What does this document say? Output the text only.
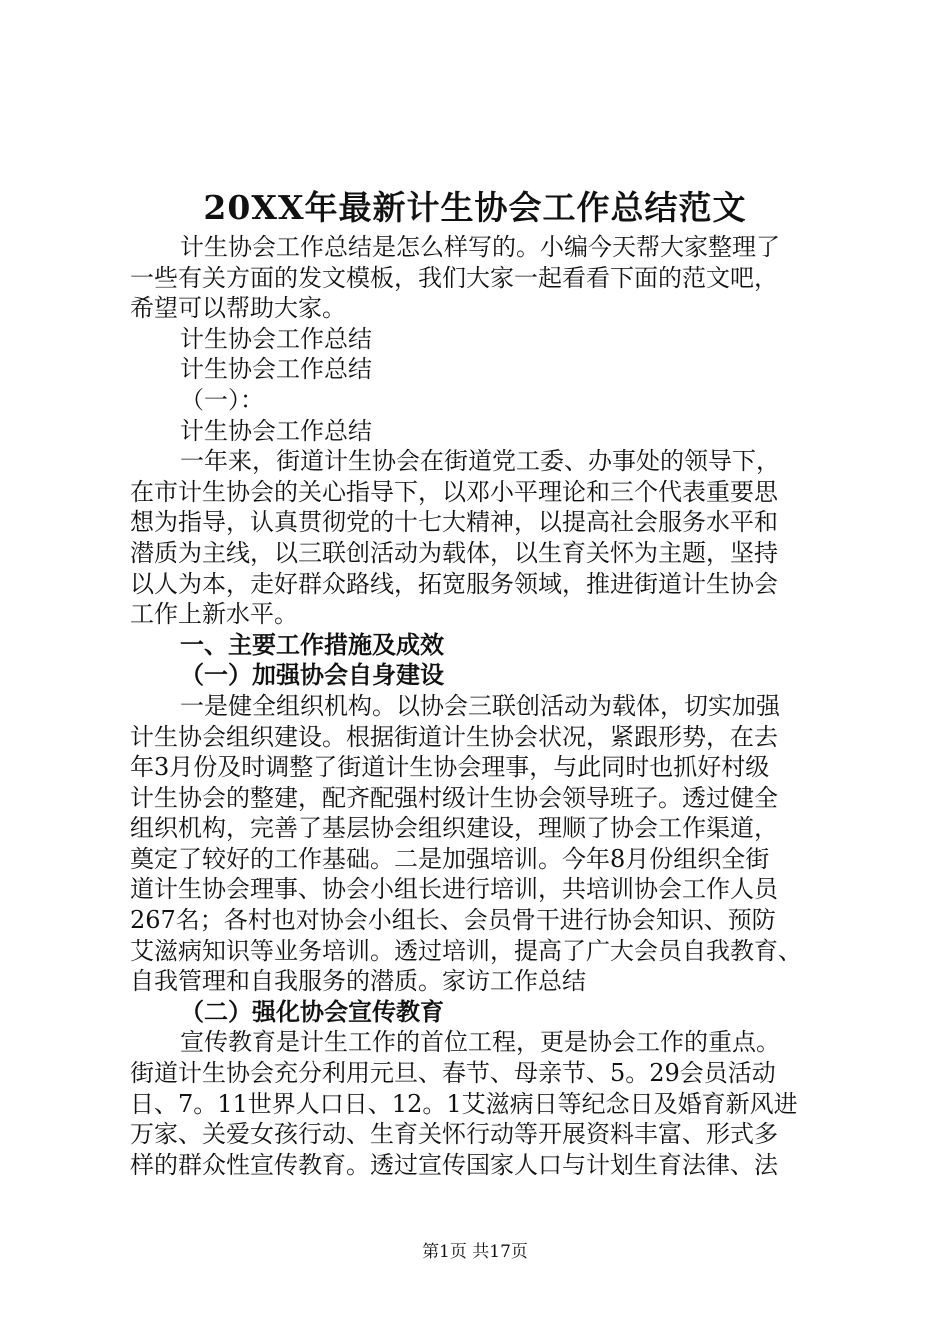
20XX年最新计生协会工作总结范文
计生协会工作总结是怎么样写的。小编今天帮大家整理了
一些有关方面的发文模板，我们大家一起看看下面的范文吧，
希望可以帮助大家。
计生协会工作总结
计生协会工作总结
（一）：
计生协会工作总结
一年来，街道计生协会在街道党工委、办事处的领导下，
在市计生协会的关心指导下，以邓小平理论和三个代表重要思
想为指导，认真贯彻党的十七大精神，以提高社会服务水平和
潜质为主线，以三联创活动为载体，以生育关怀为主题，坚持
以人为本，走好群众路线，拓宽服务领域，推进街道计生协会
工作上新水平。
一、主要工作措施及成效
（一）加强协会自身建设
一是健全组织机构。以协会三联创活动为载体，切实加强
计生协会组织建设。根据街道计生协会状况，紧跟形势，在去
年3月份及时调整了街道计生协会理事，与此同时也抓好村级
计生协会的整建，配齐配强村级计生协会领导班子。透过健全
组织机构，完善了基层协会组织建设，理顺了协会工作渠道，
奠定了较好的工作基础。二是加强培训。今年8月份组织全街
道计生协会理事、协会小组长进行培训，共培训协会工作人员
267名；各村也对协会小组长、会员骨干进行协会知识、预防
艾滋病知识等业务培训。透过培训，提高了广大会员自我教育、
自我管理和自我服务的潜质。家访工作总结
（二）强化协会宣传教育
宣传教育是计生工作的首位工程，更是协会工作的重点。
街道计生协会充分利用元旦、春节、母亲节、5。29会员活动
日、7。11世界人口日、12。1艾滋病日等纪念日及婚育新风进
万家、关爱女孩行动、生育关怀行动等开展资料丰富、形式多
样的群众性宣传教育。透过宣传国家人口与计划生育法律、法
第1页 共17页
